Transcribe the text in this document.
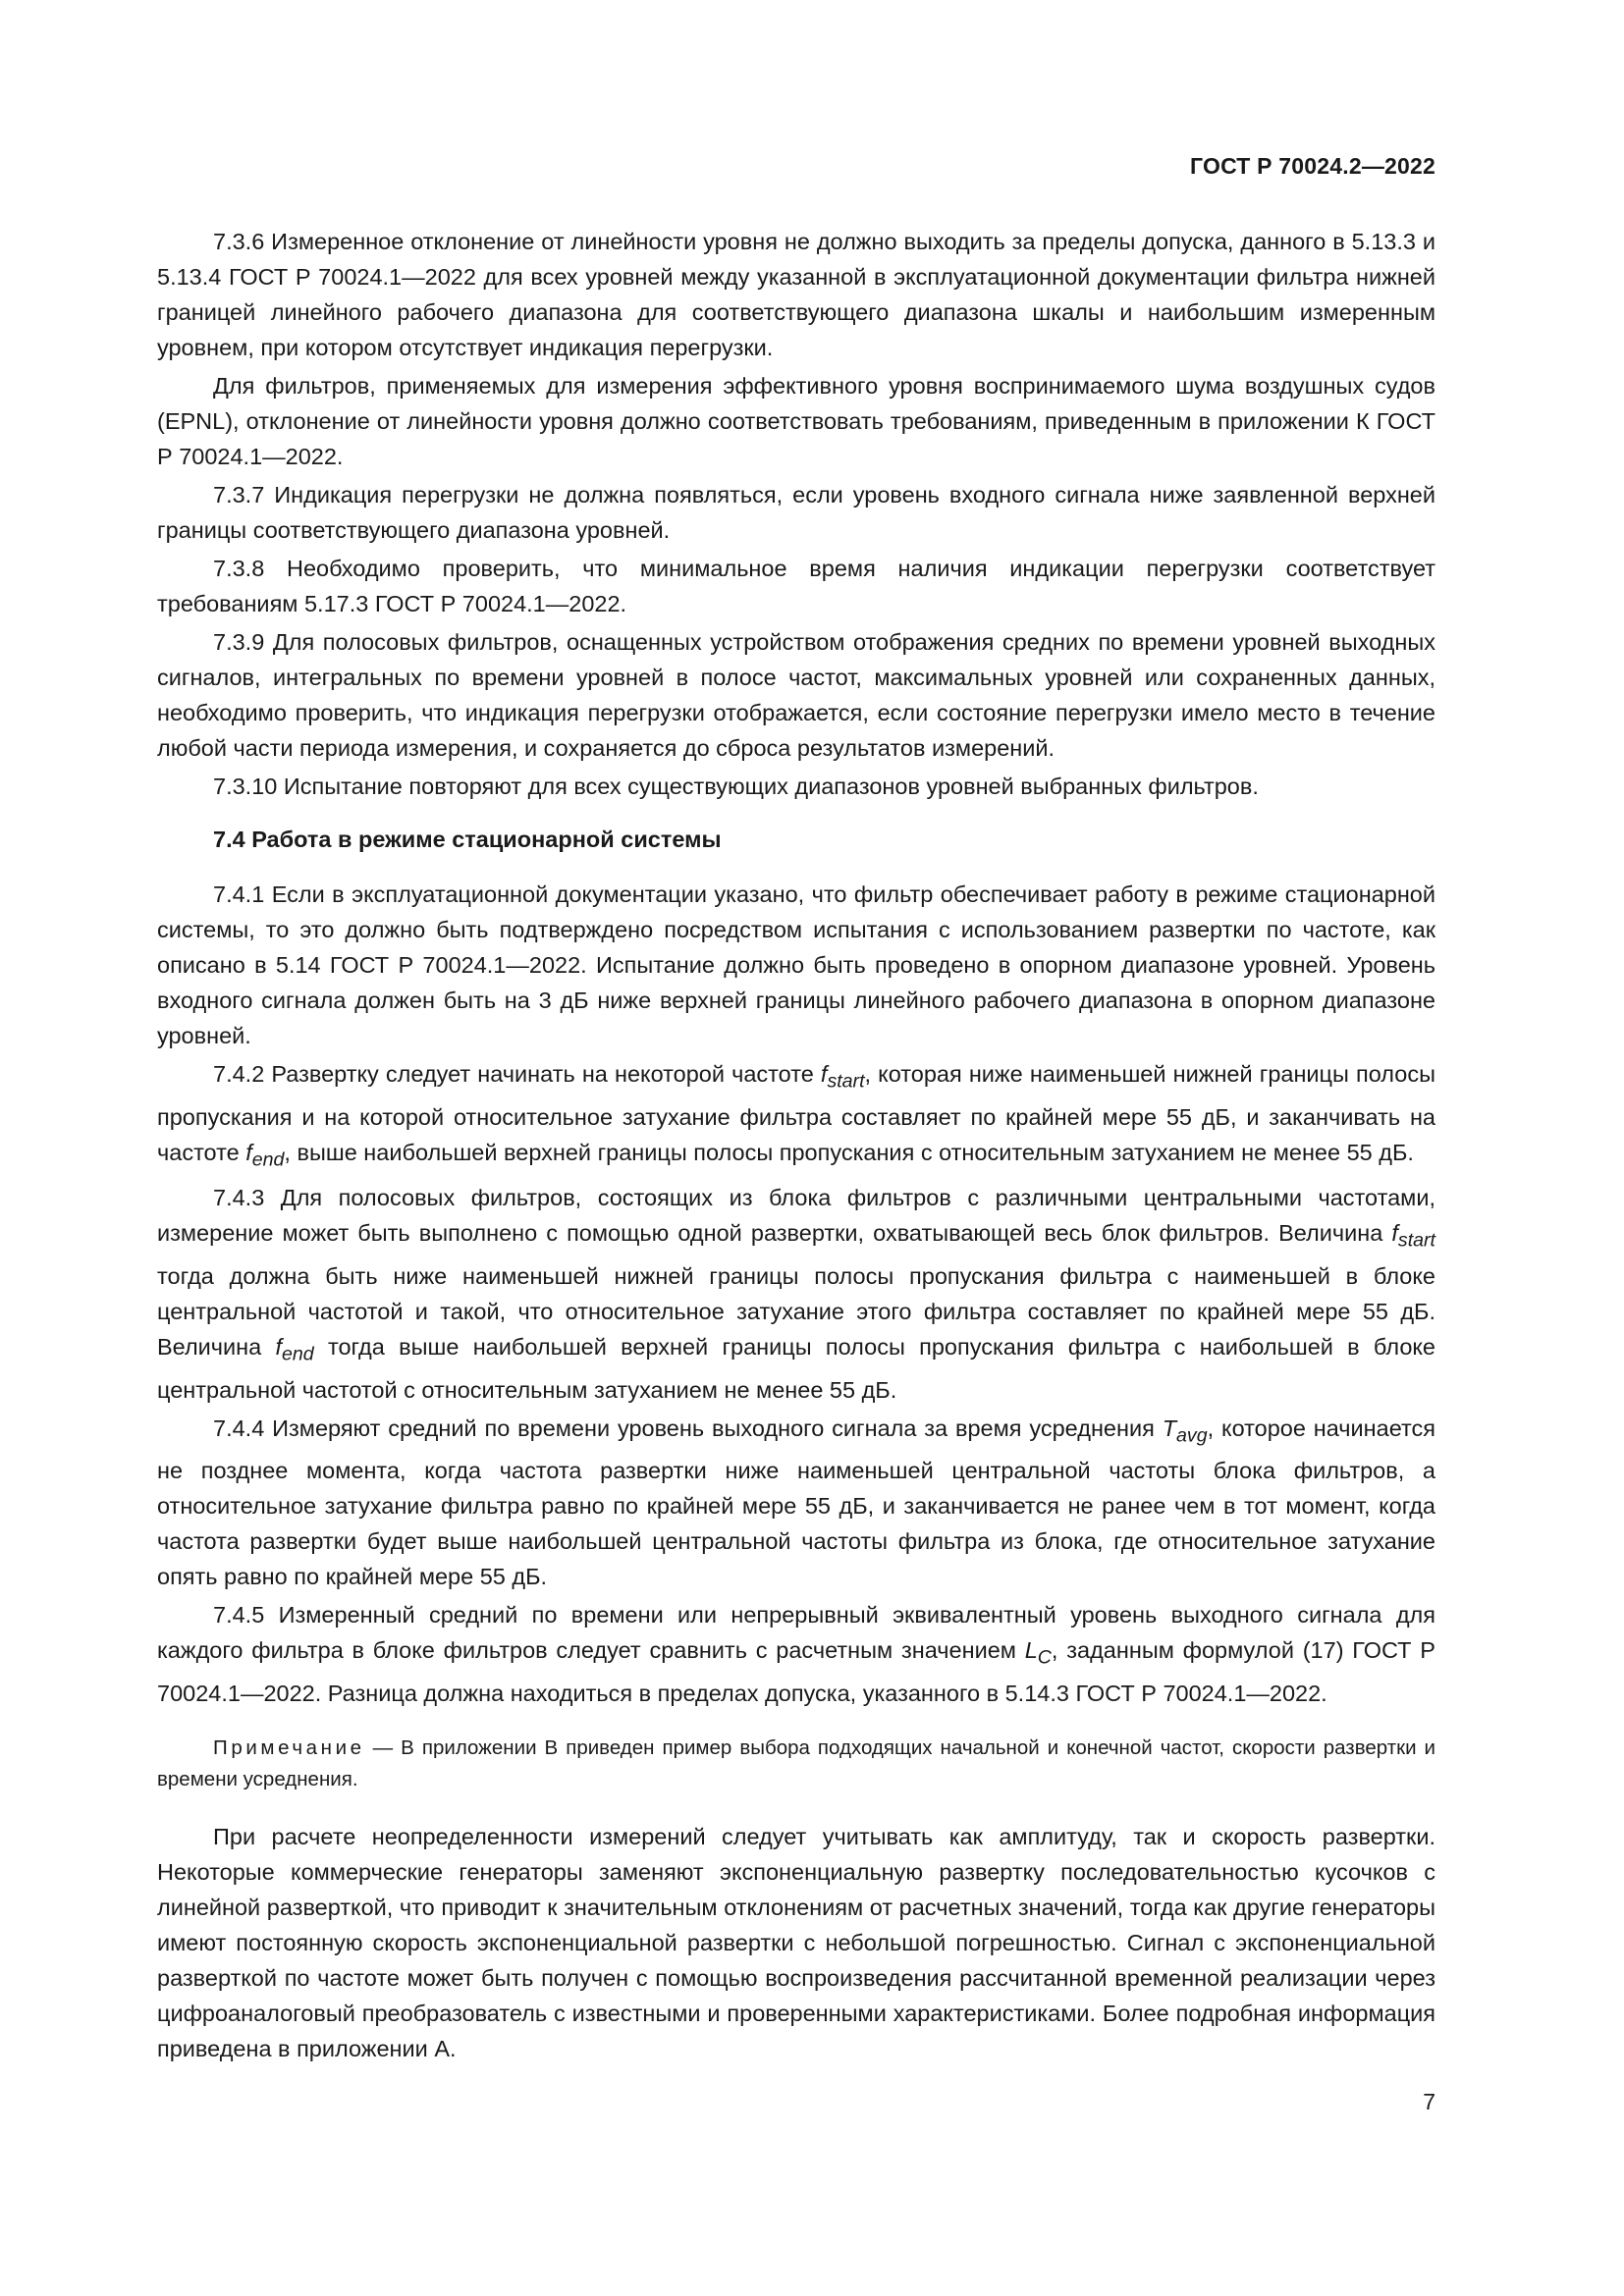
ГОСТ Р 70024.2—2022

7.3.6 Измеренное отклонение от линейности уровня не должно выходить за пределы допуска, данного в 5.13.3 и 5.13.4 ГОСТ Р 70024.1—2022 для всех уровней между указанной в эксплуатационной документации фильтра нижней границей линейного рабочего диапазона для соответствующего диапазона шкалы и наибольшим измеренным уровнем, при котором отсутствует индикация перегрузки.

Для фильтров, применяемых для измерения эффективного уровня воспринимаемого шума воздушных судов (EPNL), отклонение от линейности уровня должно соответствовать требованиям, приведенным в приложении К ГОСТ Р 70024.1—2022.

7.3.7 Индикация перегрузки не должна появляться, если уровень входного сигнала ниже заявленной верхней границы соответствующего диапазона уровней.

7.3.8 Необходимо проверить, что минимальное время наличия индикации перегрузки соответствует требованиям 5.17.3 ГОСТ Р 70024.1—2022.

7.3.9 Для полосовых фильтров, оснащенных устройством отображения средних по времени уровней выходных сигналов, интегральных по времени уровней в полосе частот, максимальных уровней или сохраненных данных, необходимо проверить, что индикация перегрузки отображается, если состояние перегрузки имело место в течение любой части периода измерения, и сохраняется до сброса результатов измерений.

7.3.10 Испытание повторяют для всех существующих диапазонов уровней выбранных фильтров.

7.4 Работа в режиме стационарной системы

7.4.1 Если в эксплуатационной документации указано, что фильтр обеспечивает работу в режиме стационарной системы, то это должно быть подтверждено посредством испытания с использованием развертки по частоте, как описано в 5.14 ГОСТ Р 70024.1—2022. Испытание должно быть проведено в опорном диапазоне уровней. Уровень входного сигнала должен быть на 3 дБ ниже верхней границы линейного рабочего диапазона в опорном диапазоне уровней.

7.4.2 Развертку следует начинать на некоторой частоте $f_{start}$, которая ниже наименьшей нижней границы полосы пропускания и на которой относительное затухание фильтра составляет по крайней мере 55 дБ, и заканчивать на частоте $f_{end}$, выше наибольшей верхней границы полосы пропускания с относительным затуханием не менее 55 дБ.

7.4.3 Для полосовых фильтров, состоящих из блока фильтров с различными центральными частотами, измерение может быть выполнено с помощью одной развертки, охватывающей весь блок фильтров. Величина $f_{start}$ тогда должна быть ниже наименьшей нижней границы полосы пропускания фильтра с наименьшей в блоке центральной частотой и такой, что относительное затухание этого фильтра составляет по крайней мере 55 дБ. Величина $f_{end}$ тогда выше наибольшей верхней границы полосы пропускания фильтра с наибольшей в блоке центральной частотой с относительным затуханием не менее 55 дБ.

7.4.4 Измеряют средний по времени уровень выходного сигнала за время усреднения $T_{avg}$, которое начинается не позднее момента, когда частота развертки ниже наименьшей центральной частоты блока фильтров, а относительное затухание фильтра равно по крайней мере 55 дБ, и заканчивается не ранее чем в тот момент, когда частота развертки будет выше наибольшей центральной частоты фильтра из блока, где относительное затухание опять равно по крайней мере 55 дБ.

7.4.5 Измеренный средний по времени или непрерывный эквивалентный уровень выходного сигнала для каждого фильтра в блоке фильтров следует сравнить с расчетным значением $L_C$, заданным формулой (17) ГОСТ Р 70024.1—2022. Разница должна находиться в пределах допуска, указанного в 5.14.3 ГОСТ Р 70024.1—2022.

Примечание — В приложении В приведен пример выбора подходящих начальной и конечной частот, скорости развертки и времени усреднения.

При расчете неопределенности измерений следует учитывать как амплитуду, так и скорость развертки. Некоторые коммерческие генераторы заменяют экспоненциальную развертку последовательностью кусочков с линейной разверткой, что приводит к значительным отклонениям от расчетных значений, тогда как другие генераторы имеют постоянную скорость экспоненциальной развертки с небольшой погрешностью. Сигнал с экспоненциальной разверткой по частоте может быть получен с помощью воспроизведения рассчитанной временной реализации через цифроаналоговый преобразователь с известными и проверенными характеристиками. Более подробная информация приведена в приложении А.

7
